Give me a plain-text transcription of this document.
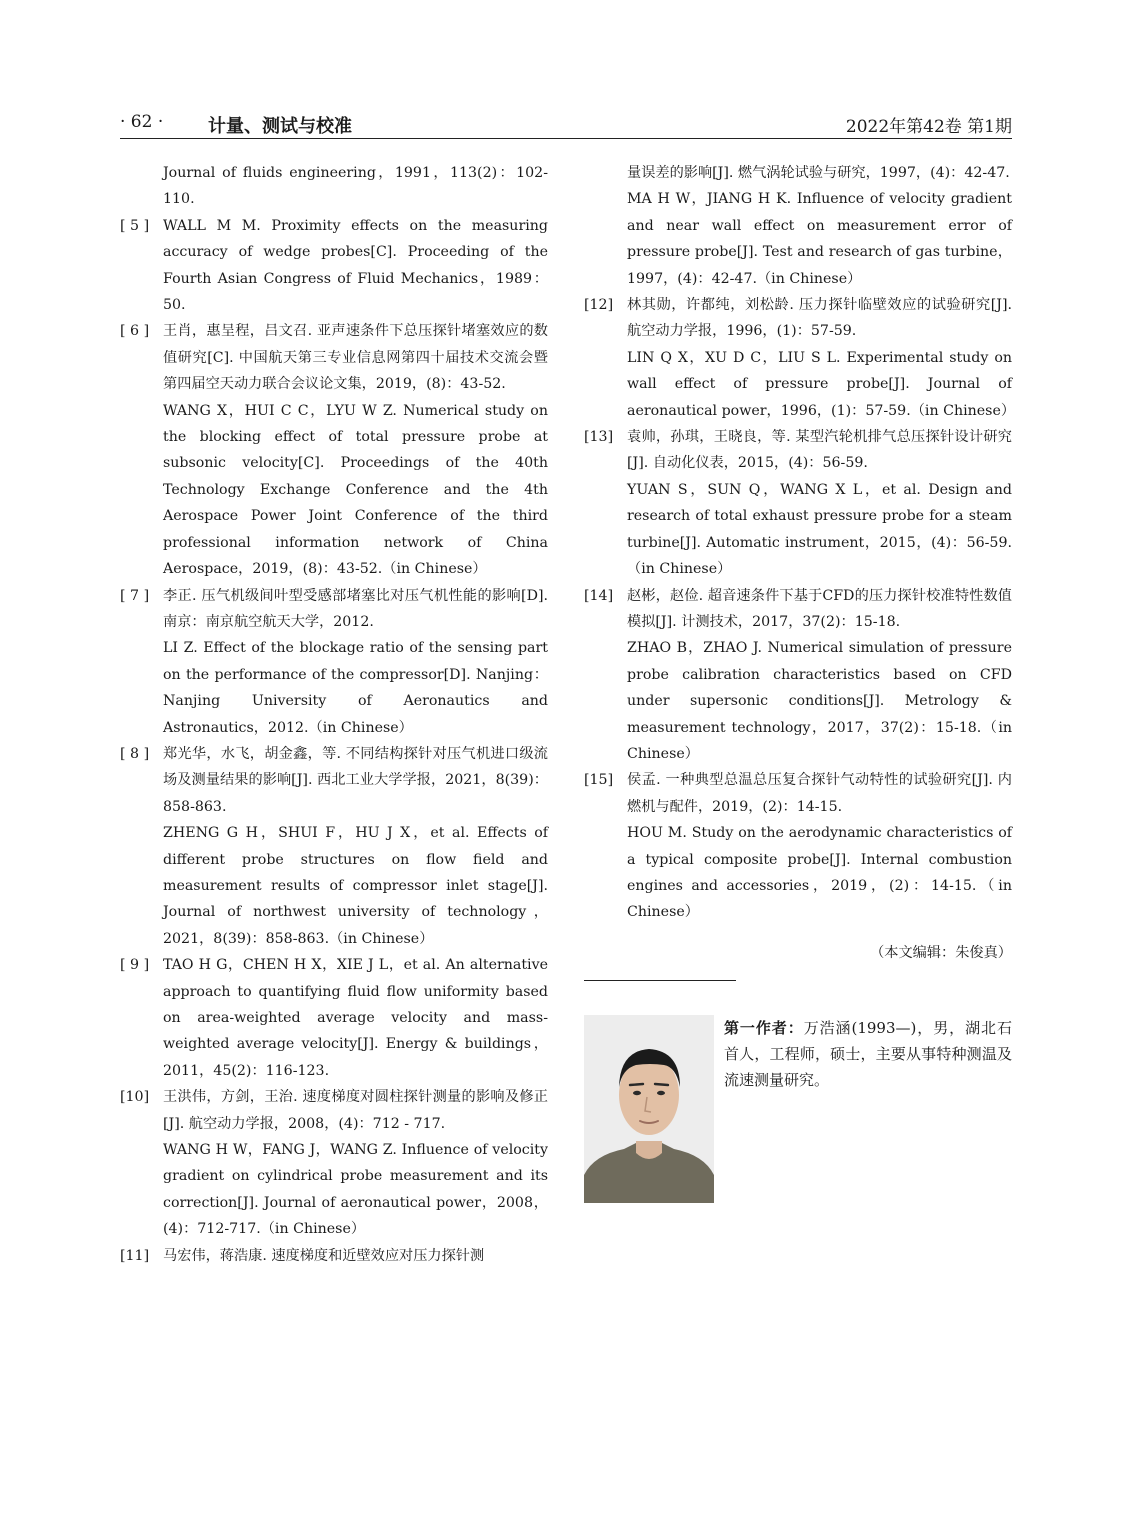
· 62 · 计量、测试与校准	2022年第42卷 第1期
Journal of fluids engineering，1991，113(2)：102-110.
[ 5 ] WALL M M. Proximity effects on the measuring accuracy of wedge probes[C]. Proceeding of the Fourth Asian Congress of Fluid Mechanics，1989：50.
[ 6 ] 王肖，惠呈程，吕文召. 亚声速条件下总压探针堵塞效应的数值研究[C]. 中国航天第三专业信息网第四十届技术交流会暨第四届空天动力联合会议论文集，2019，(8)：43-52.
WANG X，HUI C C，LYU W Z. Numerical study on the blocking effect of total pressure probe at subsonic velocity[C]. Proceedings of the 40th Technology Exchange Conference and the 4th Aerospace Power Joint Conference of the third professional information network of China Aerospace，2019，(8)：43-52.（in Chinese）
[ 7 ] 李正. 压气机级间叶型受感部堵塞比对压气机性能的影响[D]. 南京：南京航空航天大学，2012.
LI Z. Effect of the blockage ratio of the sensing part on the performance of the compressor[D]. Nanjing：Nanjing University of Aeronautics and Astronautics，2012.（in Chinese）
[ 8 ] 郑光华，水飞，胡金鑫，等. 不同结构探针对压气机进口级流场及测量结果的影响[J]. 西北工业大学学报，2021，8(39)：858-863.
ZHENG G H，SHUI F，HU J X，et al. Effects of different probe structures on flow field and measurement results of compressor inlet stage[J]. Journal of northwest university of technology，2021，8(39)：858-863.（in Chinese）
[ 9 ] TAO H G，CHEN H X，XIE J L，et al. An alternative approach to quantifying fluid flow uniformity based on area-weighted average velocity and mass-weighted average velocity[J]. Energy & buildings，2011，45(2)：116-123.
[10] 王洪伟，方剑，王治. 速度梯度对圆柱探针测量的影响及修正[J]. 航空动力学报，2008，(4)：712 - 717.
WANG H W，FANG J，WANG Z. Influence of velocity gradient on cylindrical probe measurement and its correction[J]. Journal of aeronautical power，2008，(4)：712-717.（in Chinese）
[11] 马宏伟，蒋浩康. 速度梯度和近壁效应对压力探针测
量误差的影响[J]. 燃气涡轮试验与研究，1997，(4)：42-47.
MA H W，JIANG H K. Influence of velocity gradient and near wall effect on measurement error of pressure probe[J]. Test and research of gas turbine，1997，(4)：42-47.（in Chinese）
[12] 林其勋，许都纯，刘松龄. 压力探针临壁效应的试验研究[J]. 航空动力学报，1996，(1)：57-59.
LIN Q X，XU D C，LIU S L. Experimental study on wall effect of pressure probe[J]. Journal of aeronautical power，1996，(1)：57-59.（in Chinese）
[13] 袁帅，孙琪，王晓良，等. 某型汽轮机排气总压探针设计研究[J]. 自动化仪表，2015，(4)：56-59.
YUAN S，SUN Q，WANG X L，et al. Design and research of total exhaust pressure probe for a steam turbine[J]. Automatic instrument，2015，(4)：56-59.（in Chinese）
[14] 赵彬，赵俭. 超音速条件下基于CFD的压力探针校准特性数值模拟[J]. 计测技术，2017，37(2)：15-18.
ZHAO B，ZHAO J. Numerical simulation of pressure probe calibration characteristics based on CFD under supersonic conditions[J]. Metrology & measurement technology，2017，37(2)：15-18.（in Chinese）
[15] 侯孟. 一种典型总温总压复合探针气动特性的试验研究[J]. 内燃机与配件，2019，(2)：14-15.
HOU M. Study on the aerodynamic characteristics of a typical composite probe[J]. Internal combustion engines and accessories，2019，(2)：14-15.（in Chinese）
（本文编辑：朱俊真）
第一作者：万浩涵(1993—)，男，湖北石首人，工程师，硕士，主要从事特种测温及流速测量研究。
